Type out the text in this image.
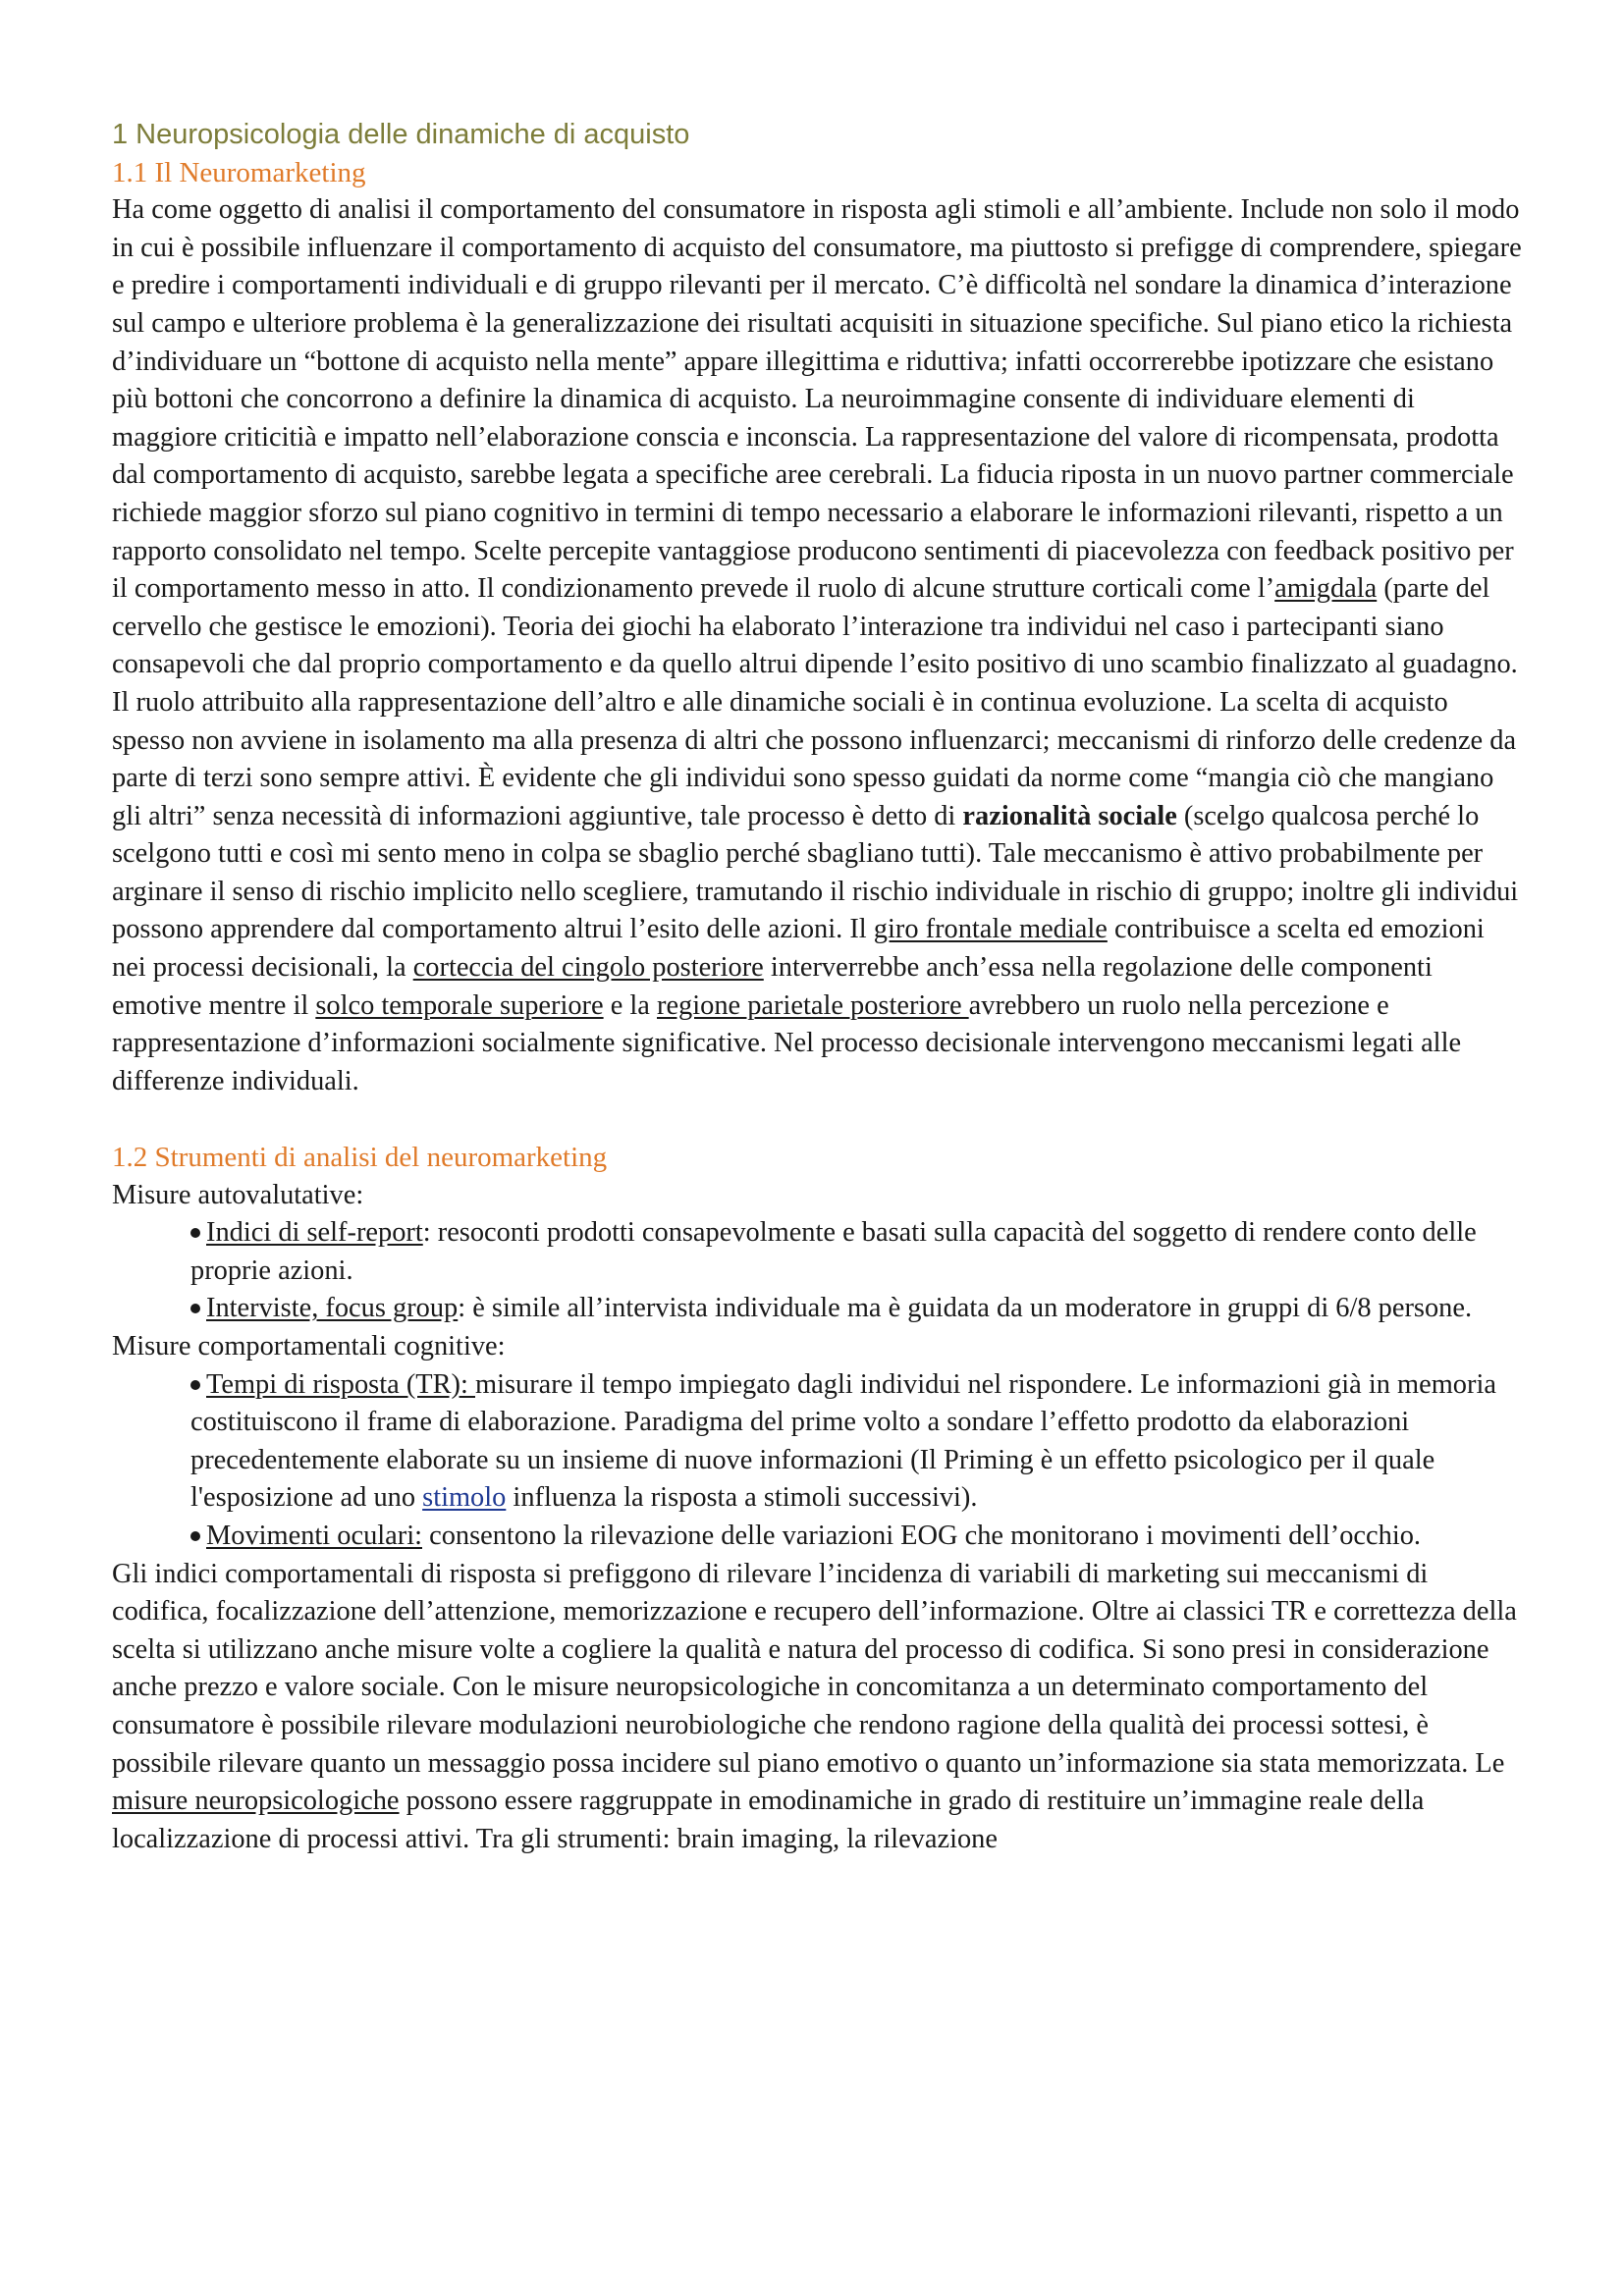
1 Neuropsicologia delle dinamiche di acquisto

1.1 Il Neuromarketing

Ha come oggetto di analisi il comportamento del consumatore in risposta agli stimoli e all’ambiente. Include non solo il modo in cui è possibile influenzare il comportamento di acquisto del consumatore, ma piuttosto si prefigge di comprendere, spiegare e predire i comportamenti individuali e di gruppo rilevanti per il mercato. C’è difficoltà nel sondare la dinamica d’interazione sul campo e ulteriore problema è la generalizzazione dei risultati acquisiti in situazione specifiche. Sul piano etico la richiesta d’individuare un “bottone di acquisto nella mente” appare illegittima e riduttiva; infatti occorrerebbe ipotizzare che esistano più bottoni che concorrono a definire la dinamica di acquisto. La neuroimmagine consente di individuare elementi di maggiore criticitià e impatto nell’elaborazione conscia e inconscia. La rappresentazione del valore di ricompensata, prodotta dal comportamento di acquisto, sarebbe legata a specifiche aree cerebrali. La fiducia riposta in un nuovo partner commerciale richiede maggior sforzo sul piano cognitivo in termini di tempo necessario a elaborare le informazioni rilevanti, rispetto a un rapporto consolidato nel tempo. Scelte percepite vantaggiose producono sentimenti di piacevolezza con feedback positivo per il comportamento messo in atto. Il condizionamento prevede il ruolo di alcune strutture corticali come l’amigdala (parte del cervello che gestisce le emozioni). Teoria dei giochi ha elaborato l’interazione tra individui nel caso i partecipanti siano consapevoli che dal proprio comportamento e da quello altrui dipende l’esito positivo di uno scambio finalizzato al guadagno. Il ruolo attribuito alla rappresentazione dell’altro e alle dinamiche sociali è in continua evoluzione. La scelta di acquisto spesso non avviene in isolamento ma alla presenza di altri che possono influenzarci; meccanismi di rinforzo delle credenze da parte di terzi sono sempre attivi. È evidente che gli individui sono spesso guidati da norme come “mangia ciò che mangiano gli altri” senza necessità di informazioni aggiuntive, tale processo è detto di razionalità sociale (scelgo qualcosa perché lo scelgono tutti e così mi sento meno in colpa se sbaglio perché sbagliano tutti). Tale meccanismo è attivo probabilmente per arginare il senso di rischio implicito nello scegliere, tramutando il rischio individuale in rischio di gruppo; inoltre gli individui possono apprendere dal comportamento altrui l’esito delle azioni. Il giro frontale mediale contribuisce a scelta ed emozioni nei processi decisionali, la corteccia del cingolo posteriore interverrebbe anch’essa nella regolazione delle componenti emotive mentre il solco temporale superiore e la regione parietale posteriore avrebbero un ruolo nella percezione e rappresentazione d’informazioni socialmente significative. Nel processo decisionale intervengono meccanismi legati alle differenze individuali.

1.2 Strumenti di analisi del neuromarketing

Misure autovalutative:

Indici di self-report: resoconti prodotti consapevolmente e basati sulla capacità del soggetto di rendere conto delle proprie azioni.
Interviste, focus group: è simile all’intervista individuale ma è guidata da un moderatore in gruppi di 6/8 persone.

Misure comportamentali cognitive:

Tempi di risposta (TR): misurare il tempo impiegato dagli individui nel rispondere. Le informazioni già in memoria costituiscono il frame di elaborazione. Paradigma del prime volto a sondare l’effetto prodotto da elaborazioni precedentemente elaborate su un insieme di nuove informazioni (Il Priming è un effetto psicologico per il quale l'esposizione ad uno stimolo influenza la risposta a stimoli successivi).
Movimenti oculari: consentono la rilevazione delle variazioni EOG che monitorano i movimenti dell’occhio.

Gli indici comportamentali di risposta si prefiggono di rilevare l’incidenza di variabili di marketing sui meccanismi di codifica, focalizzazione dell’attenzione, memorizzazione e recupero dell’informazione. Oltre ai classici TR e correttezza della scelta si utilizzano anche misure volte a cogliere la qualità e natura del processo di codifica. Si sono presi in considerazione anche prezzo e valore sociale. Con le misure neuropsicologiche in concomitanza a un determinato comportamento del consumatore è possibile rilevare modulazioni neurobiologiche che rendono ragione della qualità dei processi sottesi, è possibile rilevare quanto un messaggio possa incidere sul piano emotivo o quanto un’informazione sia stata memorizzata. Le misure neuropsicologiche possono essere raggruppate in emodinamiche in grado di restituire un’immagine reale della localizzazione di processi attivi. Tra gli strumenti: brain imaging, la rilevazione
